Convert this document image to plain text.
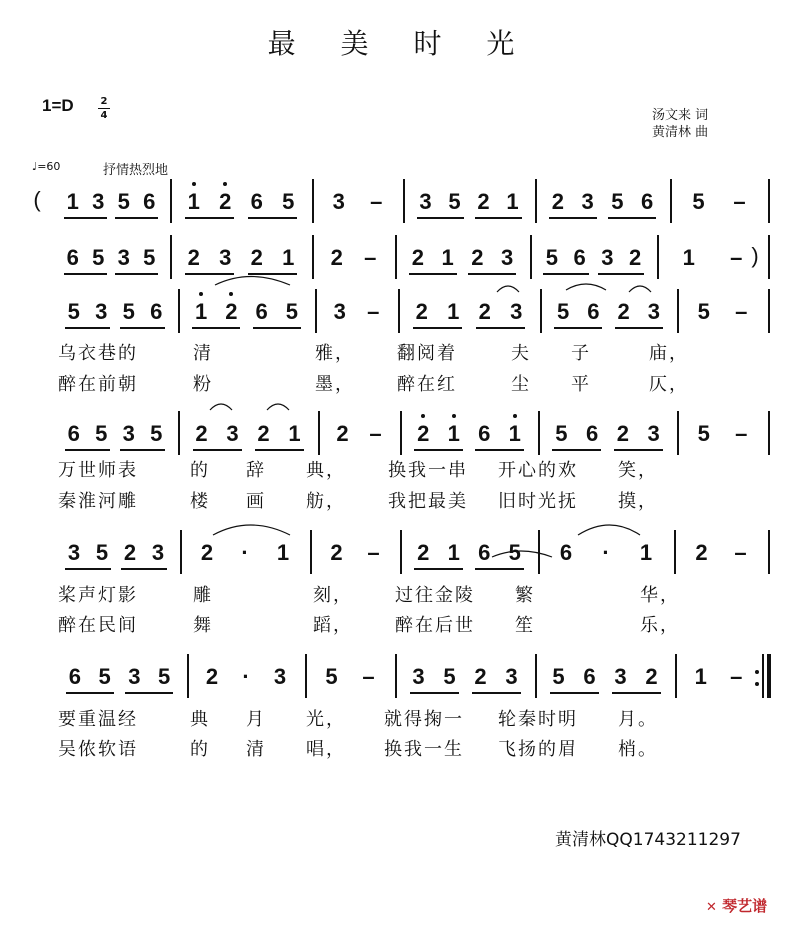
最 美 时 光
1=D	2
4	汤文来 词
黄清林 曲
♩=60	抒情热烈地
1 3 5 6
(	1 2 6 5 3 – 3 5 2 1 2 3 5 6 5 –
6 5 3 5 2 3 2 1 2 – 2 1 2 3 5 6 3 2 1 – )
5 3 5 6 1 2 6 5 3 – 2 1 2 3 5 6 2 3 5 –
6 5 3 5 2 3 2 1 2 – 2 1 6 1 5 6 2 3 5 –
3 5 2 3 2 · 1 2 – 2 1 6 5 6 · 1 2 –
6 5 3 5 2 · 3 5 – 3 5 2 3 5 6 3 2 1 –
乌衣巷的	清	雅， 翻阅着	夫 子	庙，
醉在前朝	粉	墨， 醉在红	尘 平	仄，
万世师表	的 辞 典， 换我一串 开心的欢 笑，
秦淮河雕	楼 画 舫， 我把最美 旧时光抚 摸，
桨声灯影	雕	刻， 过往金陵 繁	华，
醉在民间	舞	蹈， 醉在后世 笙	乐，
要重温经	典 月 光， 就得掬一 轮秦时明 月。
吴侬软语	的 清 唱， 换我一生 飞扬的眉 梢。
黄清林QQ1743211297
✕ 琴艺谱
